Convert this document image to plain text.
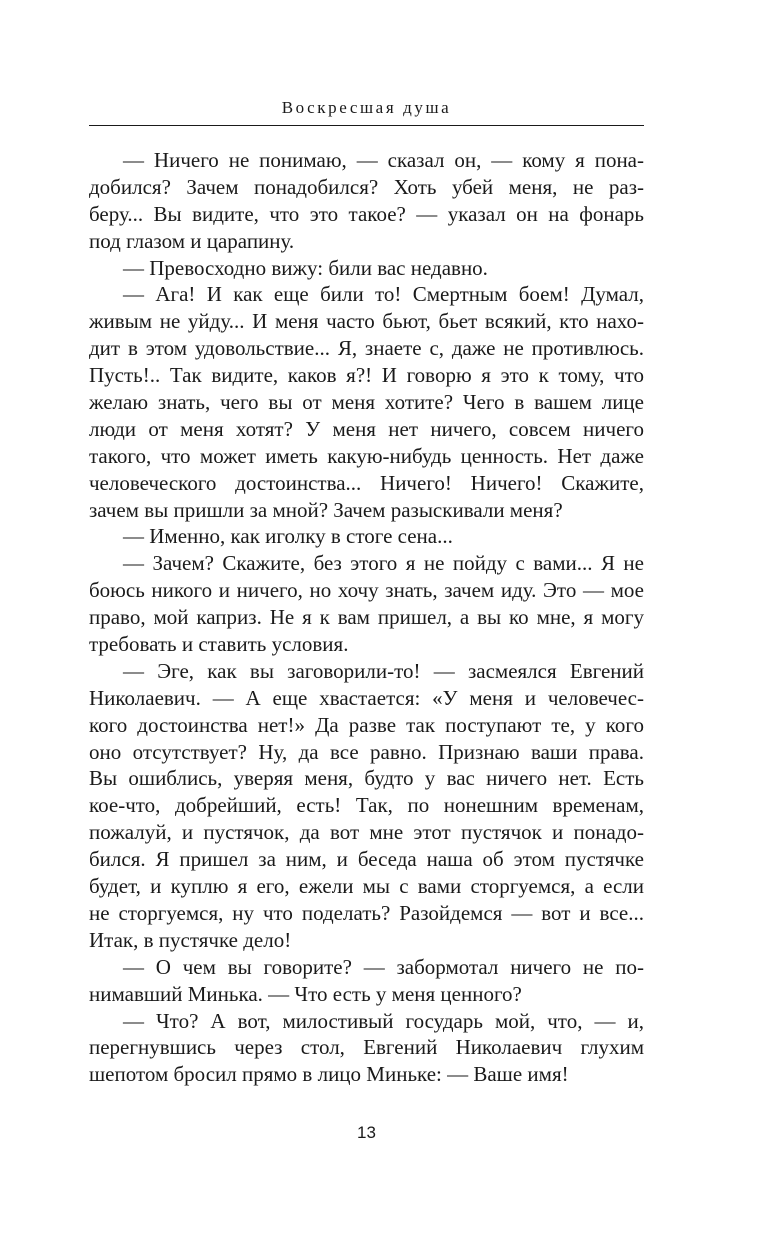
Воскресшая душа
— Ничего не понимаю, — сказал он, — кому я пона-
добился? Зачем понадобился? Хоть убей меня, не раз-
беру... Вы видите, что это такое? — указал он на фонарь
под глазом и царапину.
— Превосходно вижу: били вас недавно.
— Ага! И как еще били то! Смертным боем! Думал,
живым не уйду... И меня часто бьют, бьет всякий, кто нахо-
дит в этом удовольствие... Я, знаете с, даже не противлюсь.
Пусть!.. Так видите, каков я?! И говорю я это к тому, что
желаю знать, чего вы от меня хотите? Чего в вашем лице
люди от меня хотят? У меня нет ничего, совсем ничего
такого, что может иметь какую-нибудь ценность. Нет даже
человеческого достоинства... Ничего! Ничего! Скажите,
зачем вы пришли за мной? Зачем разыскивали меня?
— Именно, как иголку в стоге сена...
— Зачем? Скажите, без этого я не пойду с вами... Я не
боюсь никого и ничего, но хочу знать, зачем иду. Это — мое
право, мой каприз. Не я к вам пришел, а вы ко мне, я могу
требовать и ставить условия.
— Эге, как вы заговорили-то! — засмеялся Евгений
Николаевич. — А еще хвастается: «У меня и человечес-
кого достоинства нет!» Да разве так поступают те, у кого
оно отсутствует? Ну, да все равно. Признаю ваши права.
Вы ошиблись, уверяя меня, будто у вас ничего нет. Есть
кое-что, добрейший, есть! Так, по нонешним временам,
пожалуй, и пустячок, да вот мне этот пустячок и понадо-
бился. Я пришел за ним, и беседа наша об этом пустячке
будет, и куплю я его, ежели мы с вами сторгуемся, а если
не сторгуемся, ну что поделать? Разойдемся — вот и все...
Итак, в пустячке дело!
— О чем вы говорите? — забормотал ничего не по-
нимавший Минька. — Что есть у меня ценного?
— Что? А вот, милостивый государь мой, что, — и,
перегнувшись через стол, Евгений Николаевич глухим
шепотом бросил прямо в лицо Миньке: — Ваше имя!
13
